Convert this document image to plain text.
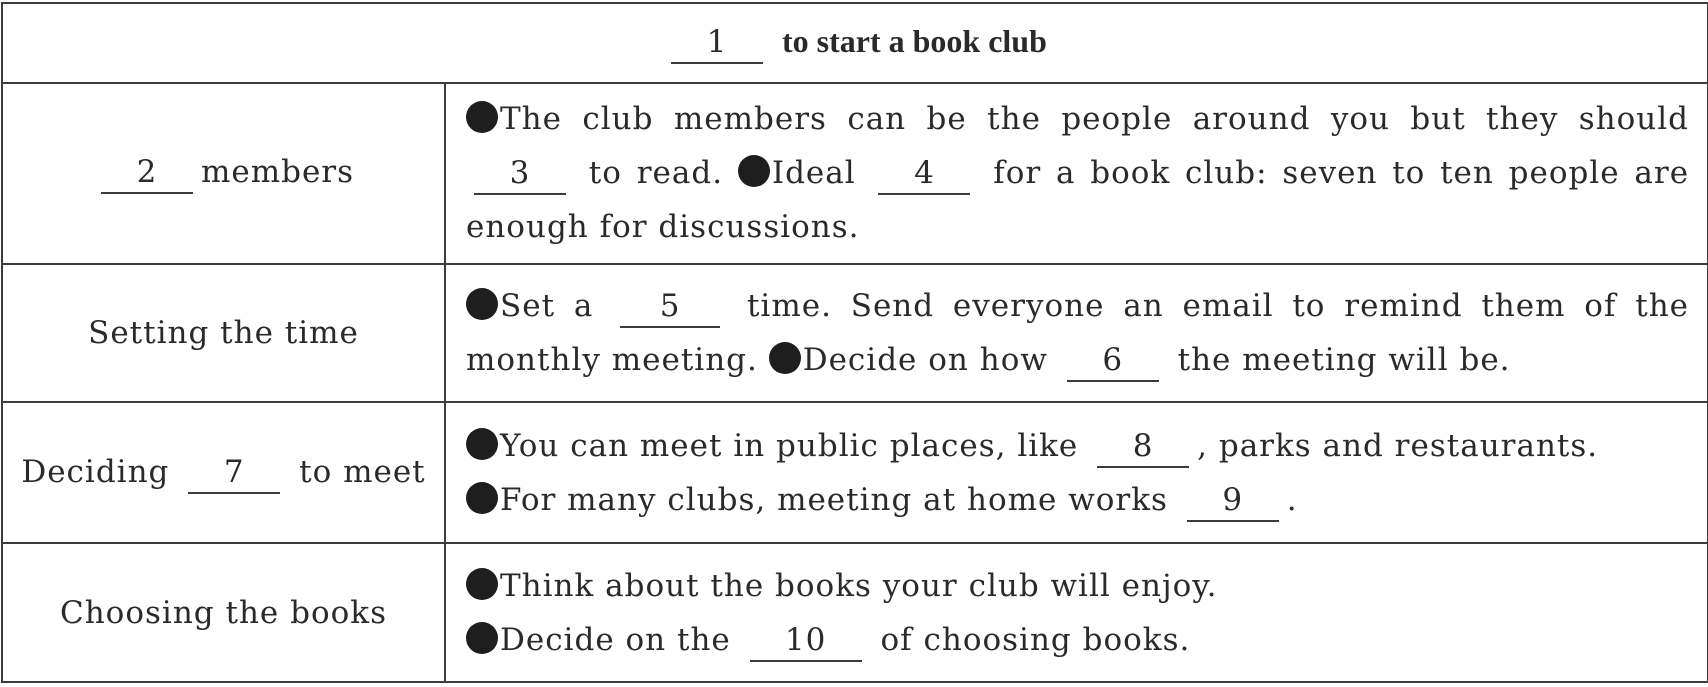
1 to start a book club	
2 members	The club members can be the people around you but they should 3 to read. Ideal 4 for a book club: seven to ten people are enough for discussions.
Setting the time	Set a 5 time. Send everyone an email to remind them of the monthly meeting. Decide on how 6 the meeting will be.
Deciding 7 to meet	You can meet in public places, like 8 , parks and restaurants.
For many clubs, meeting at home works 9 .

Choosing the books	Think about the books your club will enjoy.
Decide on the 10 of choosing books.
